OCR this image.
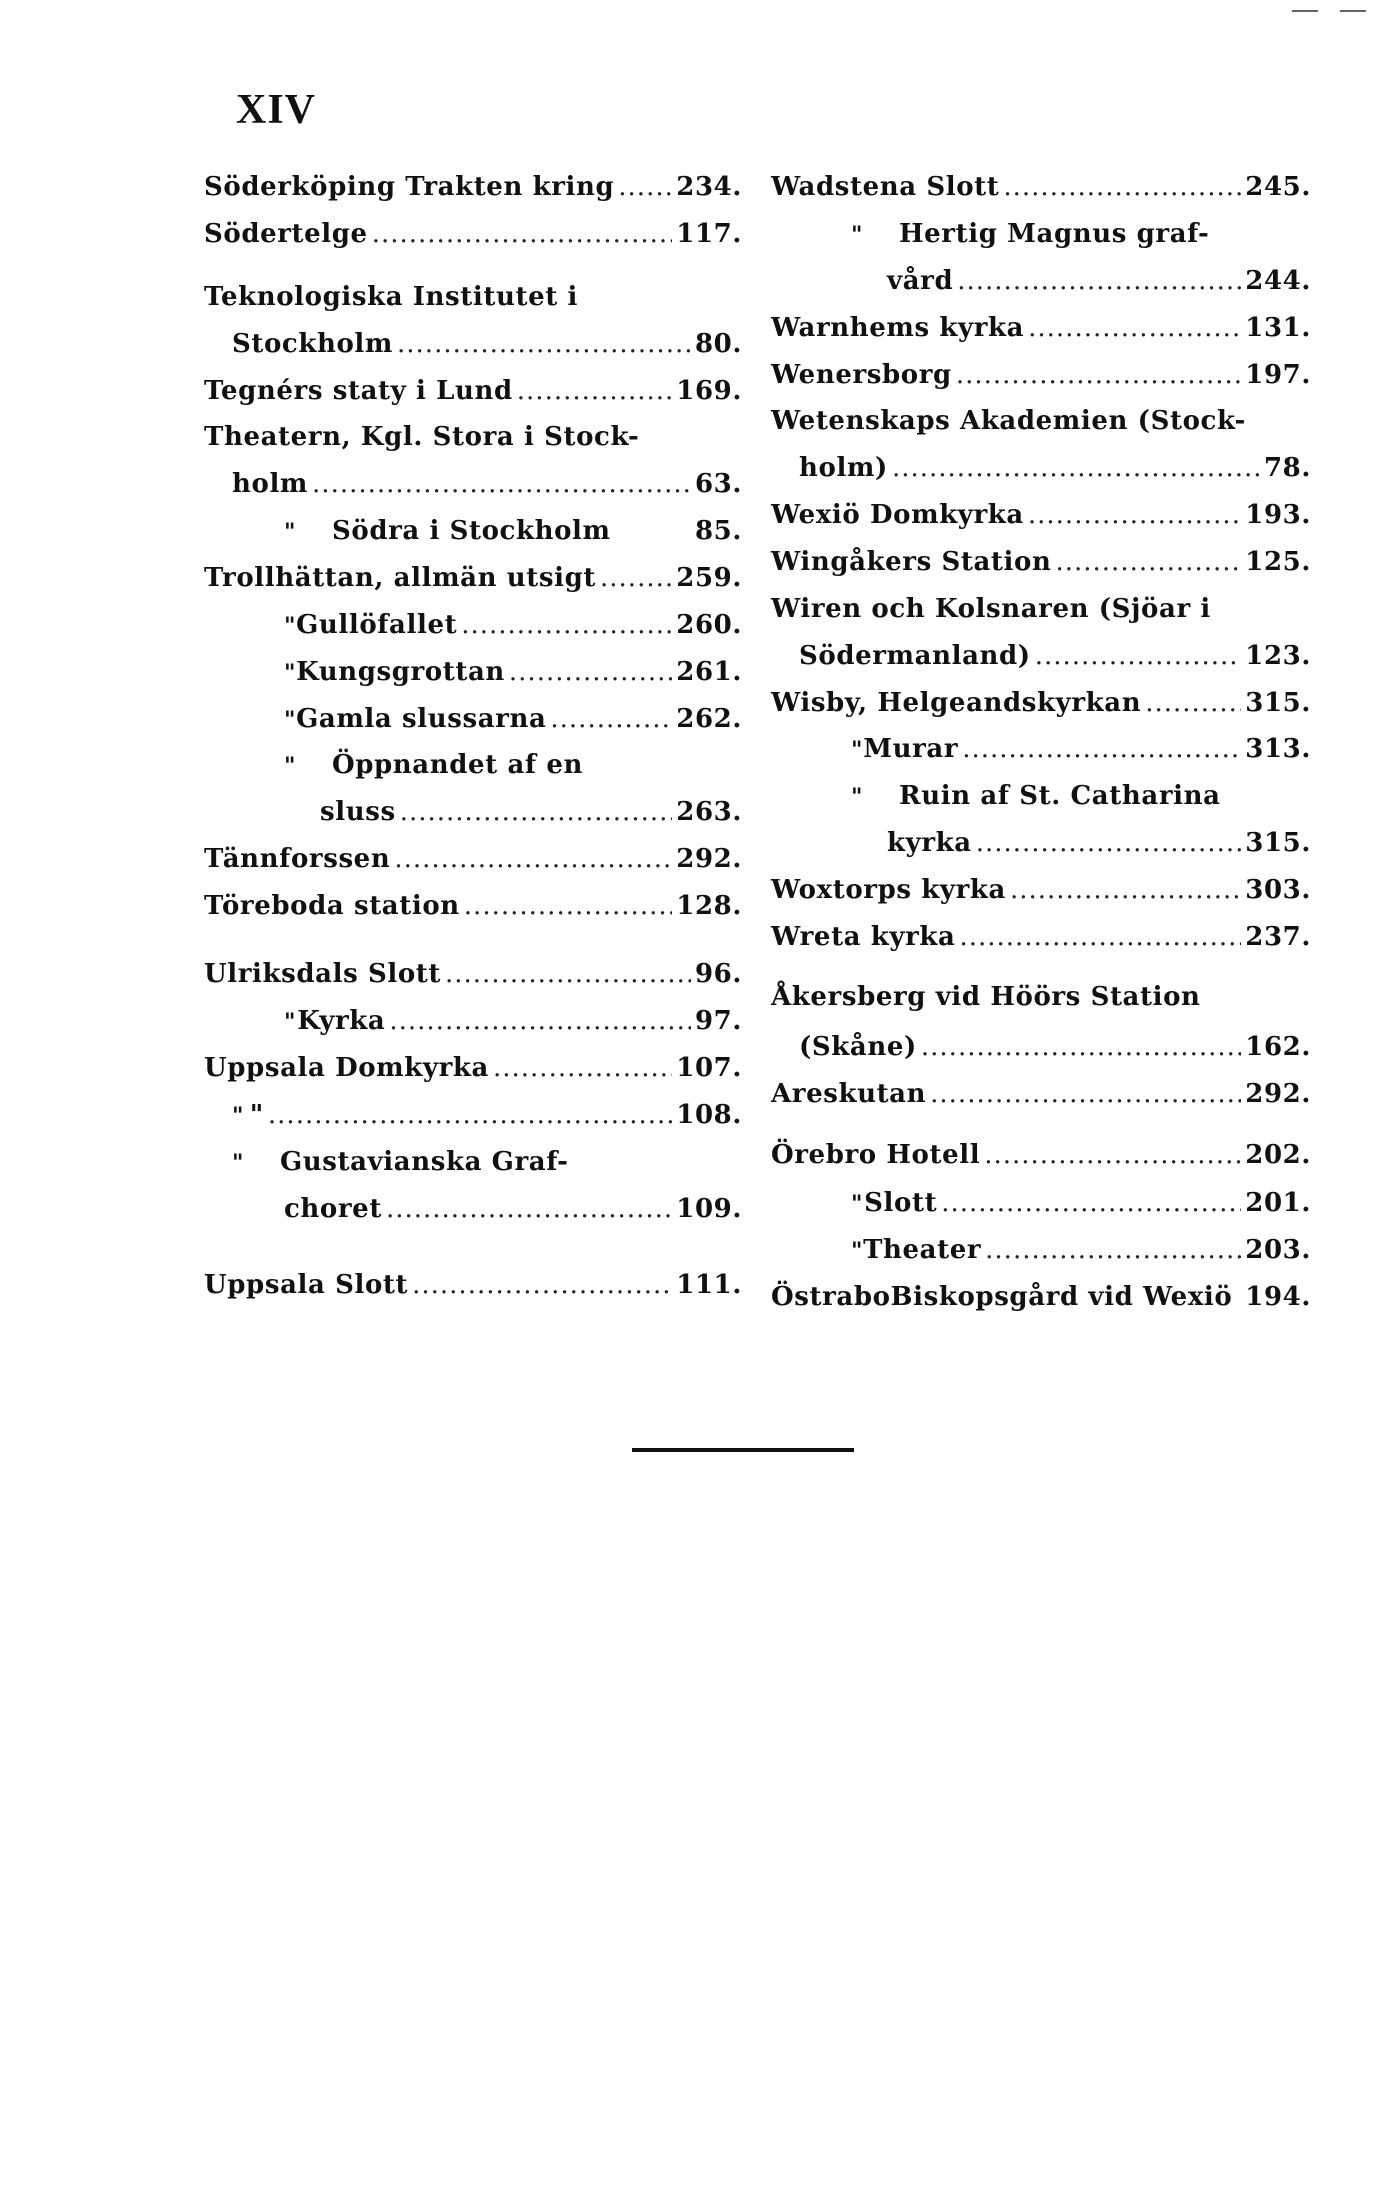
XIV
Söderköping Trakten kring ..... 234.
Södertelge .....	117.
Teknologiska Institutet i
Stockholm .....	80.
Tegnérs staty i Lund .....	169.
Theatern, Kgl. Stora i Stock-
holm .....	63.
"	Södra i Stockholm	85.
Trollhättan, allmän utsigt .....	259.
" Gullöfallet .....	260.
" Kungsgrottan .....	261.
" Gamla slussarna .....	262.
"	Öppnandet af en
sluss .....	263.
Tännforssen .....	292.
Töreboda station .....	128.
Ulriksdals Slott .....	96.
" Kyrka .....	97.
Uppsala Domkyrka .....	107.
" " .....	108.
"	Gustavianska Graf-
choret .....	109.
Uppsala Slott .....	111.
Wadstena Slott .....	245.
"	Hertig Magnus graf-
vård .....	244.
Warnhems kyrka .....	131.
Wenersborg .....	197.
Wetenskaps Akademien (Stock-
holm) .....	78.
Wexiö Domkyrka .....	193.
Wingåkers Station .....	125.
Wiren och Kolsnaren (Sjöar i
Södermanland) .....	123.
Wisby, Helgeandskyrkan .....	315.
" Murar .....	313.
"	Ruin af St. Catharina
kyrka .....	315.
Woxtorps kyrka .....	303.
Wreta kyrka .....	237.
Åkersberg vid Höörs Station
(Skåne) .....	162.
Areskutan .....	292.
Örebro Hotell .....	202.
" Slott .....	201.
" Theater .....	203.
ÖstraboBiskopsgård vid Wexiö 194.
